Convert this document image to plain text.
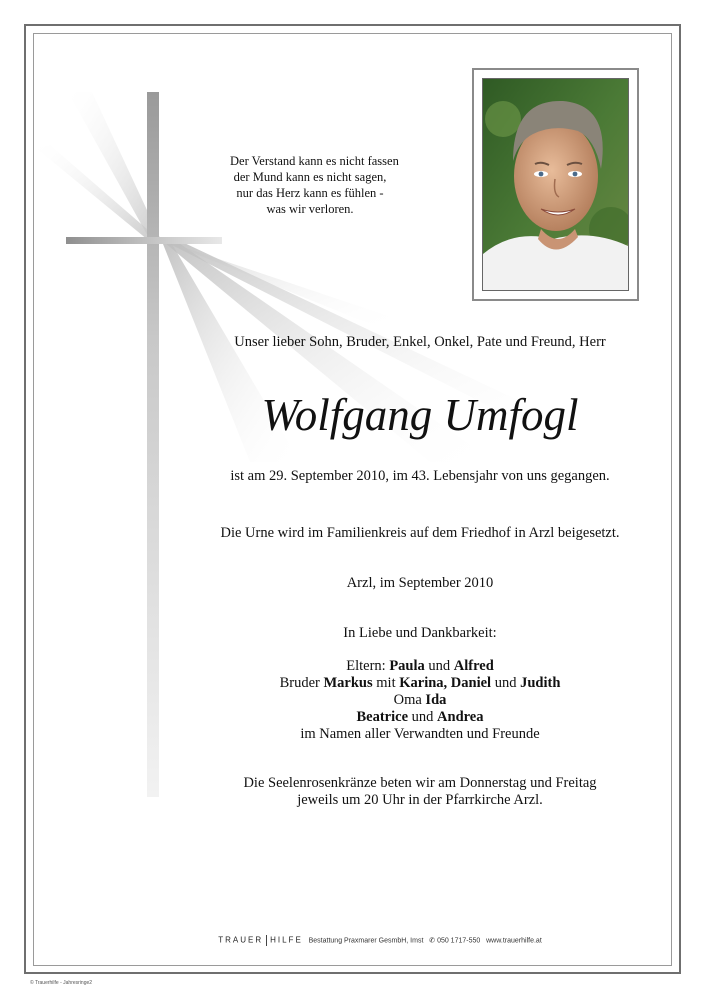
Der Verstand kann es nicht fassen
der Mund kann es nicht sagen,
nur das Herz kann es fühlen -
was wir verloren.
Unser lieber Sohn, Bruder, Enkel, Onkel, Pate und Freund, Herr
Wolfgang Umfogl
ist am 29. September 2010, im 43. Lebensjahr von uns gegangen.
Die Urne wird im Familienkreis auf dem Friedhof in Arzl beigesetzt.
Arzl, im September 2010
In Liebe und Dankbarkeit:
Eltern: Paula und Alfred
Bruder Markus mit Karina, Daniel und Judith
Oma Ida
Beatrice und Andrea
im Namen aller Verwandten und Freunde
Die Seelenrosenkränze beten wir am Donnerstag und Freitag
jeweils um 20 Uhr in der Pfarrkirche Arzl.
TRAUER HILFE Bestattung Praxmarer GesmbH, Imst ✆ 050 1717-550 www.trauerhilfe.at
© Trauerhilfe - Jahresringe2
